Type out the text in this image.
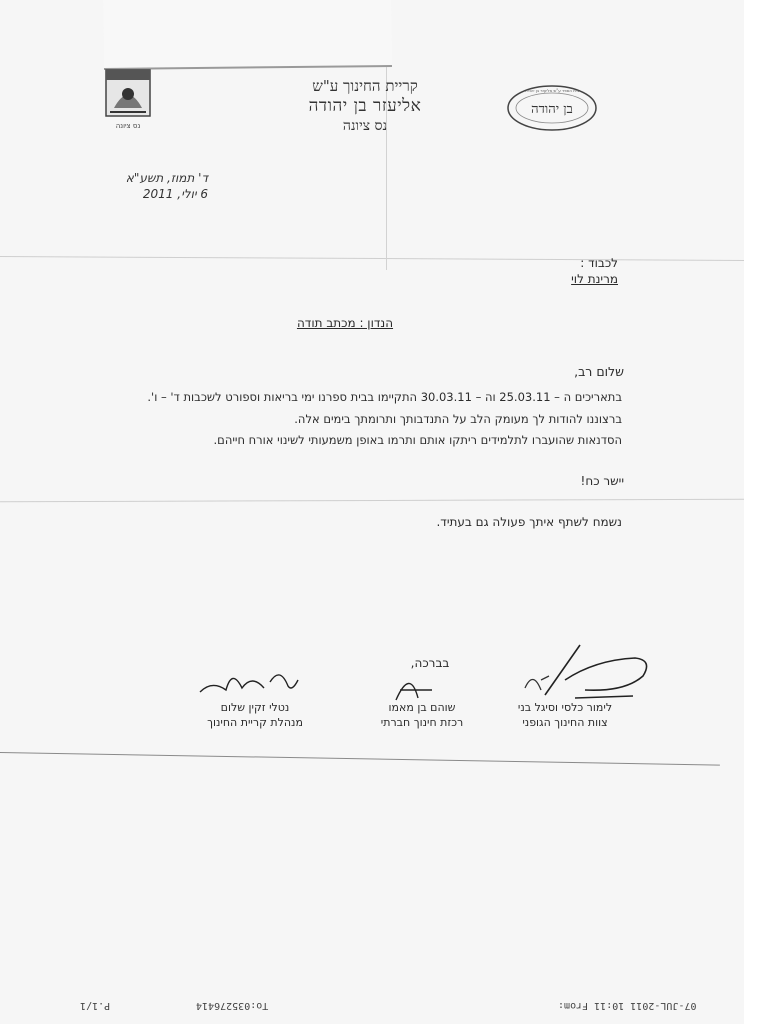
נס ציונה
קריית החינוך ע"ש
אליעזר בן יהודה
נס ציונה
בן יהודה
בית הספר ע"ש אליעזר בן יהודה
ד' תמוז, תשע"א
6 יולי, 2011
לכבוד :
מרינת לוי
הנדון : מכתב תודה
שלום רב,
בתאריכים ה – 25.03.11 וה – 30.03.11 התקיימו בבית ספרנו ימי בריאות וספורט לשכבות ד' – ו'.
ברצוננו להודות לך מעומק הלב על התנדבותך ותרומתך בימים אלה.
הסדנאות שהועברו לתלמידים ריתקו אותם ותרמו באופן משמעותי לשינוי אורח חייהם.
יישר כח!
נשמח לשתף איתך פעולה גם בעתיד.
בברכה,
לימור כלסי וסיגל בני
צוות החינוך הגופני
שוהם בן מאמו
רכזת חינוך חברתי
נטלי זקין שלום
מנהלת קריית החינוך
P.1/1	To:035276414	07-JUL-2011 10:11 From:
